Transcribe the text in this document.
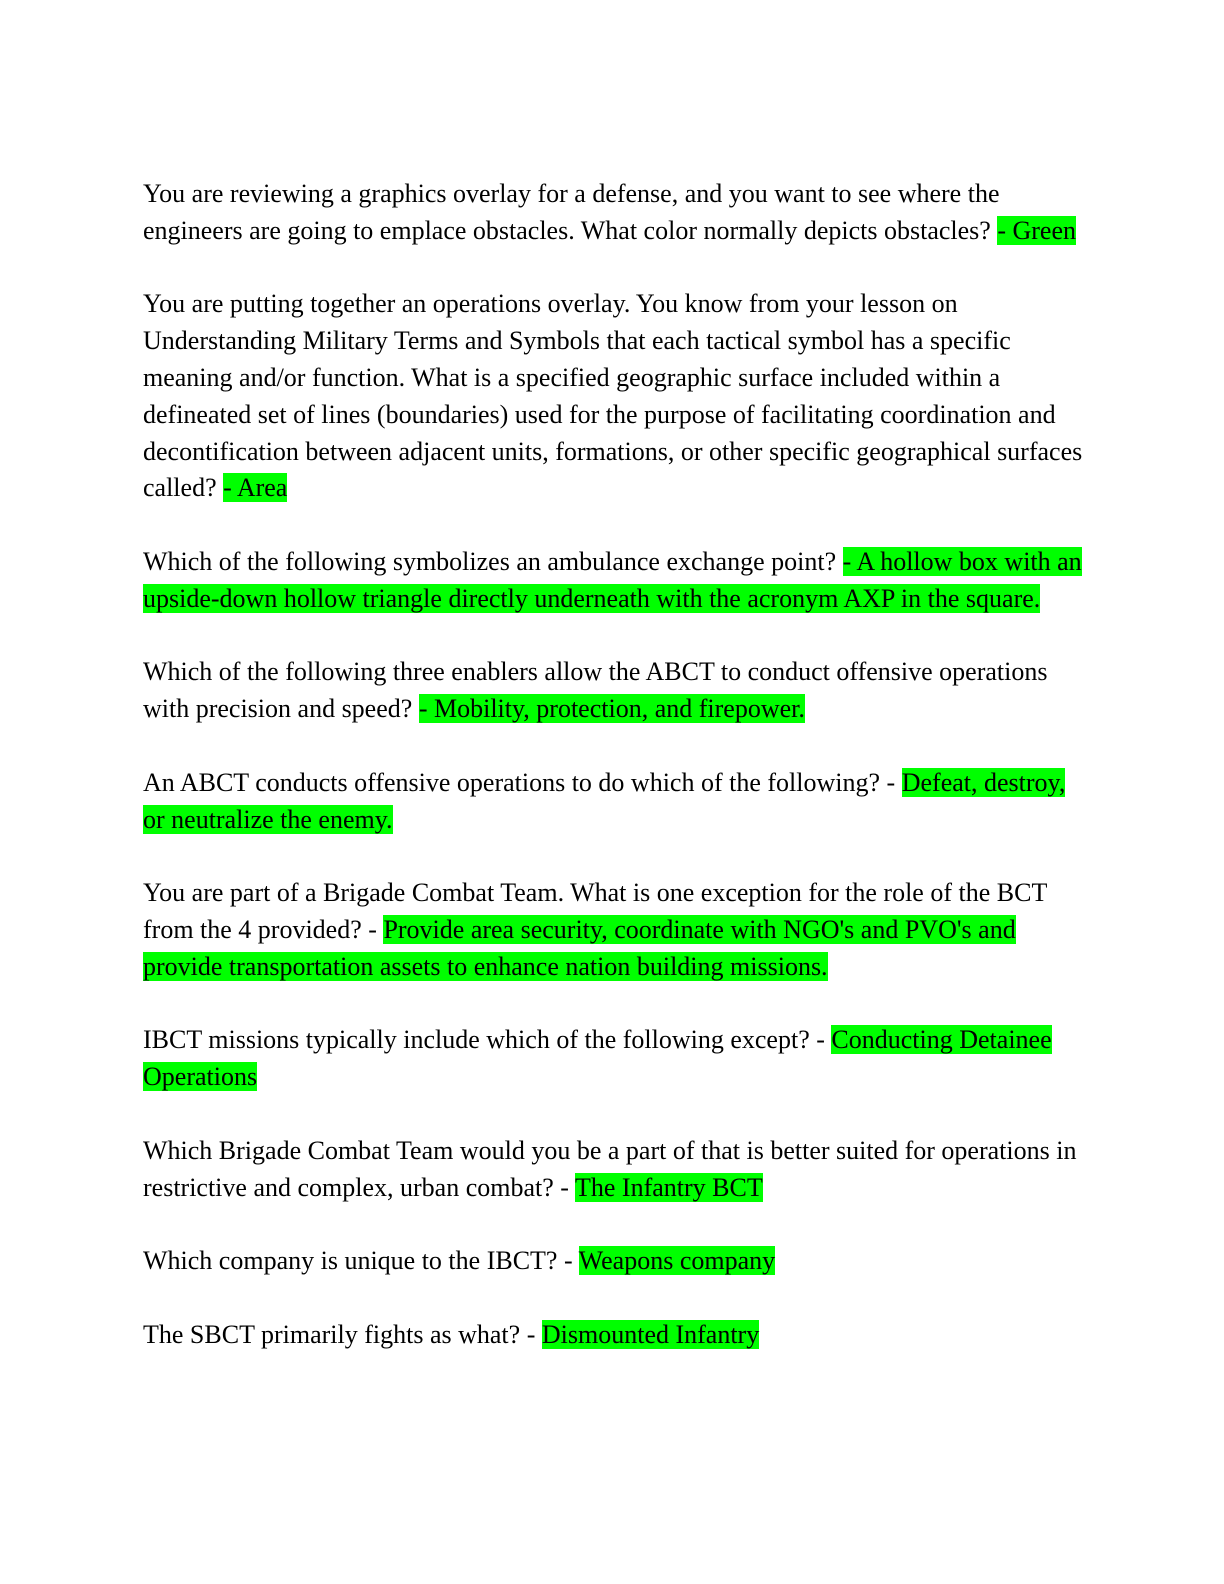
You are reviewing a graphics overlay for a defense, and you want to see where the engineers are going to emplace obstacles. What color normally depicts obstacles? - Green

You are putting together an operations overlay. You know from your lesson on Understanding Military Terms and Symbols that each tactical symbol has a specific meaning and/or function. What is a specified geographic surface included within a defineated set of lines (boundaries) used for the purpose of facilitating coordination and decontification between adjacent units, formations, or other specific geographical surfaces called? - Area

Which of the following symbolizes an ambulance exchange point? - A hollow box with an upside-down hollow triangle directly underneath with the acronym AXP in the square.

Which of the following three enablers allow the ABCT to conduct offensive operations with precision and speed? - Mobility, protection, and firepower.

An ABCT conducts offensive operations to do which of the following? - Defeat, destroy, or neutralize the enemy.

You are part of a Brigade Combat Team. What is one exception for the role of the BCT from the 4 provided? - Provide area security, coordinate with NGO's and PVO's and provide transportation assets to enhance nation building missions.

IBCT missions typically include which of the following except? - Conducting Detainee Operations

Which Brigade Combat Team would you be a part of that is better suited for operations in restrictive and complex, urban combat? - The Infantry BCT

Which company is unique to the IBCT? - Weapons company

The SBCT primarily fights as what? - Dismounted Infantry
